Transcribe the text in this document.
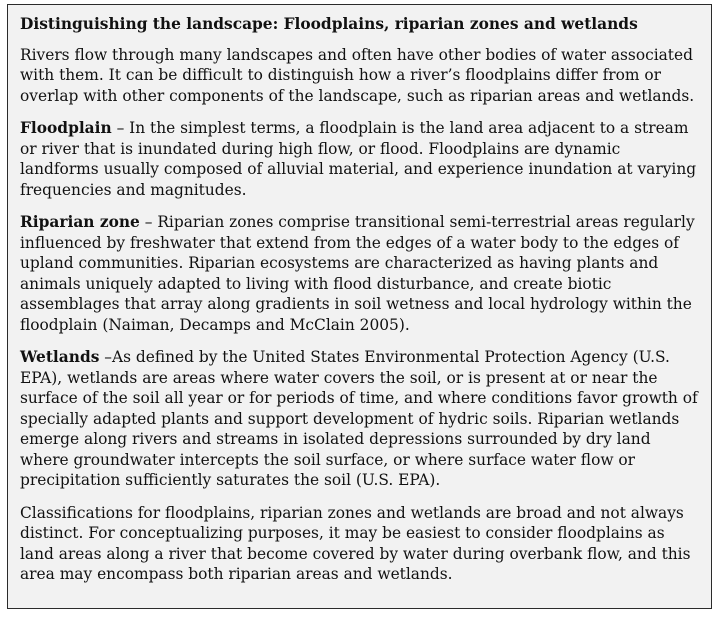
Distinguishing the landscape: Floodplains, riparian zones and wetlands

Rivers flow through many landscapes and often have other bodies of water associated with them. It can be difficult to distinguish how a river’s floodplains differ from or overlap with other components of the landscape, such as riparian areas and wetlands.

Floodplain – In the simplest terms, a floodplain is the land area adjacent to a stream or river that is inundated during high flow, or flood. Floodplains are dynamic landforms usually composed of alluvial material, and experience inundation at varying frequencies and magnitudes.

Riparian zone – Riparian zones comprise transitional semi-terrestrial areas regularly influenced by freshwater that extend from the edges of a water body to the edges of upland communities. Riparian ecosystems are characterized as having plants and animals uniquely adapted to living with flood disturbance, and create biotic assemblages that array along gradients in soil wetness and local hydrology within the floodplain (Naiman, Decamps and McClain 2005).

Wetlands –As defined by the United States Environmental Protection Agency (U.S. EPA), wetlands are areas where water covers the soil, or is present at or near the surface of the soil all year or for periods of time, and where conditions favor growth of specially adapted plants and support development of hydric soils. Riparian wetlands emerge along rivers and streams in isolated depressions surrounded by dry land where groundwater intercepts the soil surface, or where surface water flow or precipitation sufficiently saturates the soil (U.S. EPA).

Classifications for floodplains, riparian zones and wetlands are broad and not always distinct. For conceptualizing purposes, it may be easiest to consider floodplains as land areas along a river that become covered by water during overbank flow, and this area may encompass both riparian areas and wetlands.
